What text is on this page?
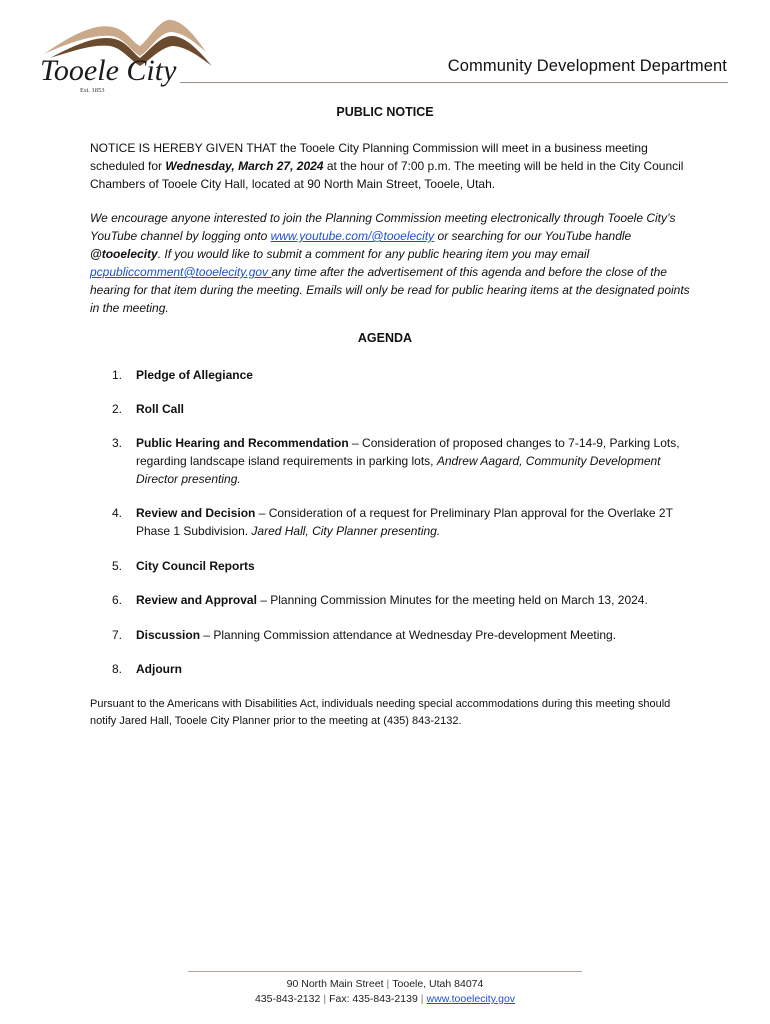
Tooele City
Est. 1853
Community Development Department
PUBLIC NOTICE
NOTICE IS HEREBY GIVEN THAT the Tooele City Planning Commission will meet in a business meeting scheduled for Wednesday, March 27, 2024 at the hour of 7:00 p.m. The meeting will be held in the City Council Chambers of Tooele City Hall, located at 90 North Main Street, Tooele, Utah.
We encourage anyone interested to join the Planning Commission meeting electronically through Tooele City’s YouTube channel by logging onto www.youtube.com/@tooelecity or searching for our YouTube handle @tooelecity. If you would like to submit a comment for any public hearing item you may email pcpubliccomment@tooelecity.gov any time after the advertisement of this agenda and before the close of the hearing for that item during the meeting. Emails will only be read for public hearing items at the designated points in the meeting.
AGENDA
1.	Pledge of Allegiance
2.	Roll Call
3.	Public Hearing and Recommendation – Consideration of proposed changes to 7-14-9, Parking Lots, regarding landscape island requirements in parking lots, Andrew Aagard, Community Development Director presenting.
4.	Review and Decision – Consideration of a request for Preliminary Plan approval for the Overlake 2T Phase 1 Subdivision. Jared Hall, City Planner presenting.
5.	City Council Reports
6.	Review and Approval – Planning Commission Minutes for the meeting held on March 13, 2024.
7.	Discussion – Planning Commission attendance at Wednesday Pre-development Meeting.
8.	Adjourn
Pursuant to the Americans with Disabilities Act, individuals needing special accommodations during this meeting should notify Jared Hall, Tooele City Planner prior to the meeting at (435) 843-2132.
90 North Main Street | Tooele, Utah 84074
435-843-2132 | Fax: 435-843-2139 | www.tooelecity.gov
